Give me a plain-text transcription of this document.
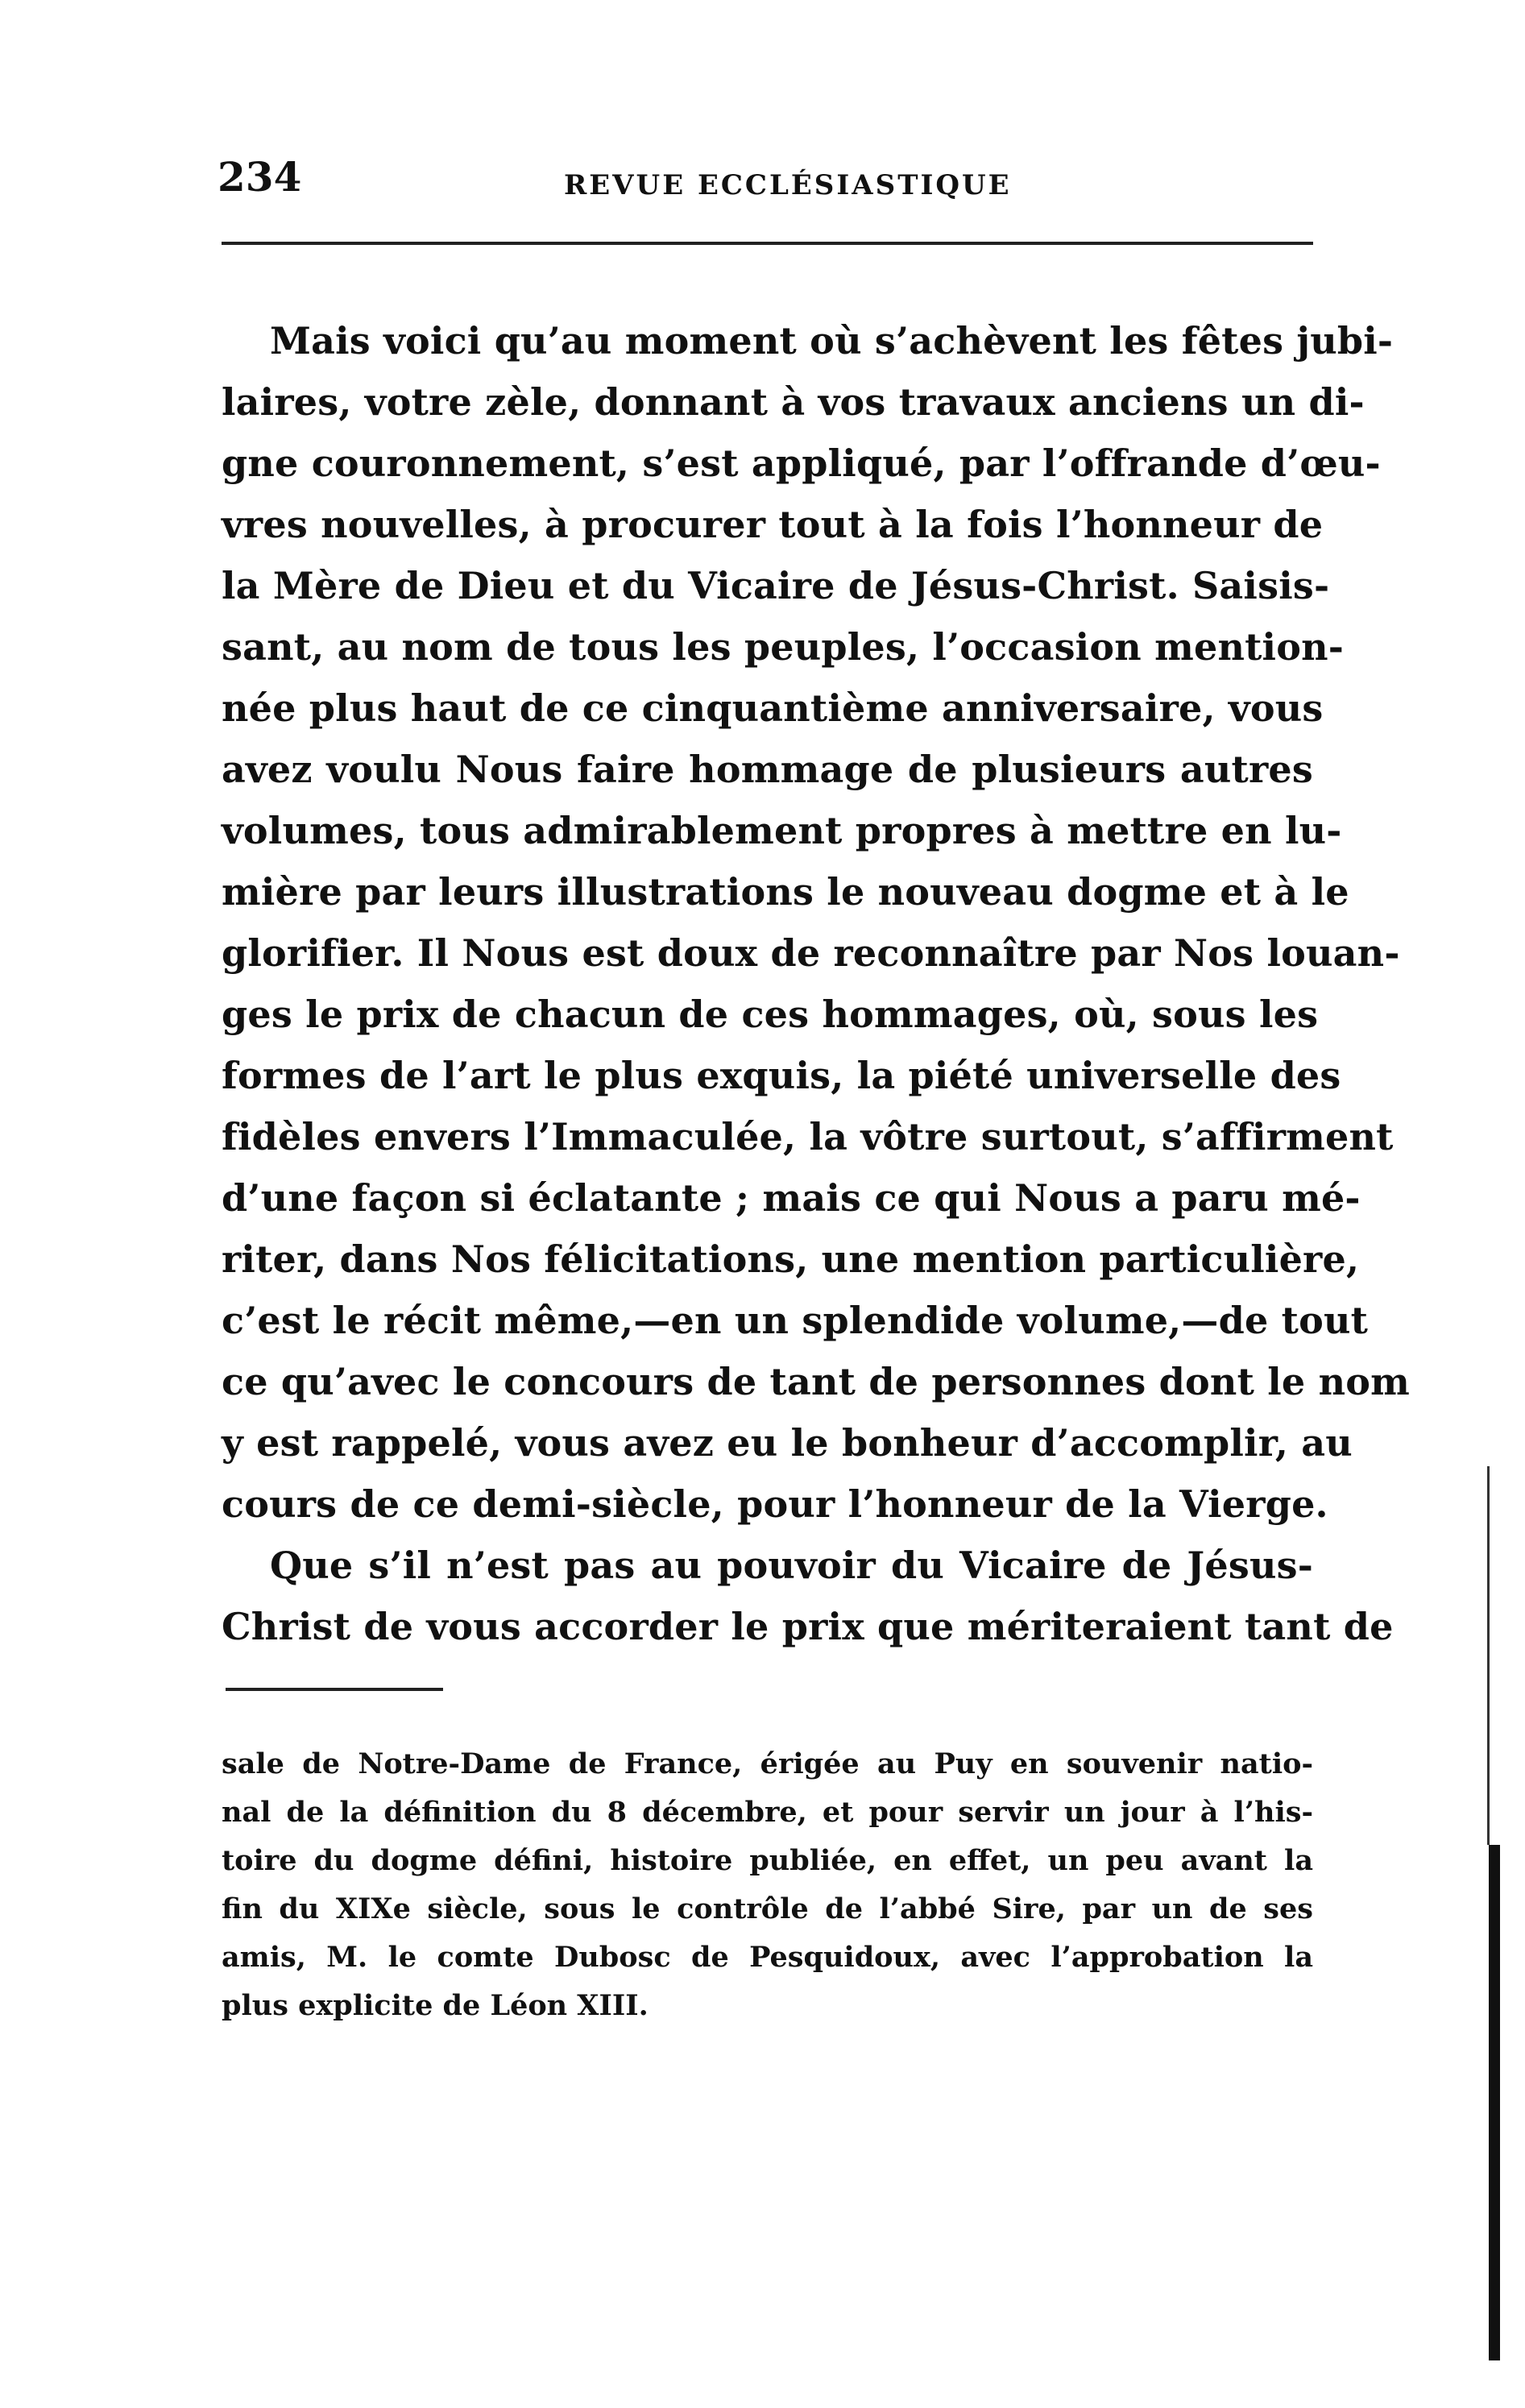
234	REVUE ECCLÉSIASTIQUE
Mais voici qu’au moment où s’achèvent les fêtes jubi-
laires, votre zèle, donnant à vos travaux anciens un di-
gne couronnement, s’est appliqué, par l’offrande d’œu-
vres nouvelles, à procurer tout à la fois l’honneur de
la Mère de Dieu et du Vicaire de Jésus-Christ. Saisis-
sant, au nom de tous les peuples, l’occasion mention-
née plus haut de ce cinquantième anniversaire, vous
avez voulu Nous faire hommage de plusieurs autres
volumes, tous admirablement propres à mettre en lu-
mière par leurs illustrations le nouveau dogme et à le
glorifier. Il Nous est doux de reconnaître par Nos louan-
ges le prix de chacun de ces hommages, où, sous les
formes de l’art le plus exquis, la piété universelle des
fidèles envers l’Immaculée, la vôtre surtout, s’affirment
d’une façon si éclatante ; mais ce qui Nous a paru mé-
riter, dans Nos félicitations, une mention particulière,
c’est le récit même,—en un splendide volume,—de tout
ce qu’avec le concours de tant de personnes dont le nom
y est rappelé, vous avez eu le bonheur d’accomplir, au
cours de ce demi-siècle, pour l’honneur de la Vierge.
Que s’il n’est pas au pouvoir du Vicaire de Jésus-
Christ de vous accorder le prix que mériteraient tant de
sale de Notre-Dame de France, érigée au Puy en souvenir natio-
nal de la définition du 8 décembre, et pour servir un jour à l’his-
toire du dogme défini, histoire publiée, en effet, un peu avant la
fin du XIXe siècle, sous le contrôle de l’abbé Sire, par un de ses
amis, M. le comte Dubosc de Pesquidoux, avec l’approbation la
plus explicite de Léon XIII.
